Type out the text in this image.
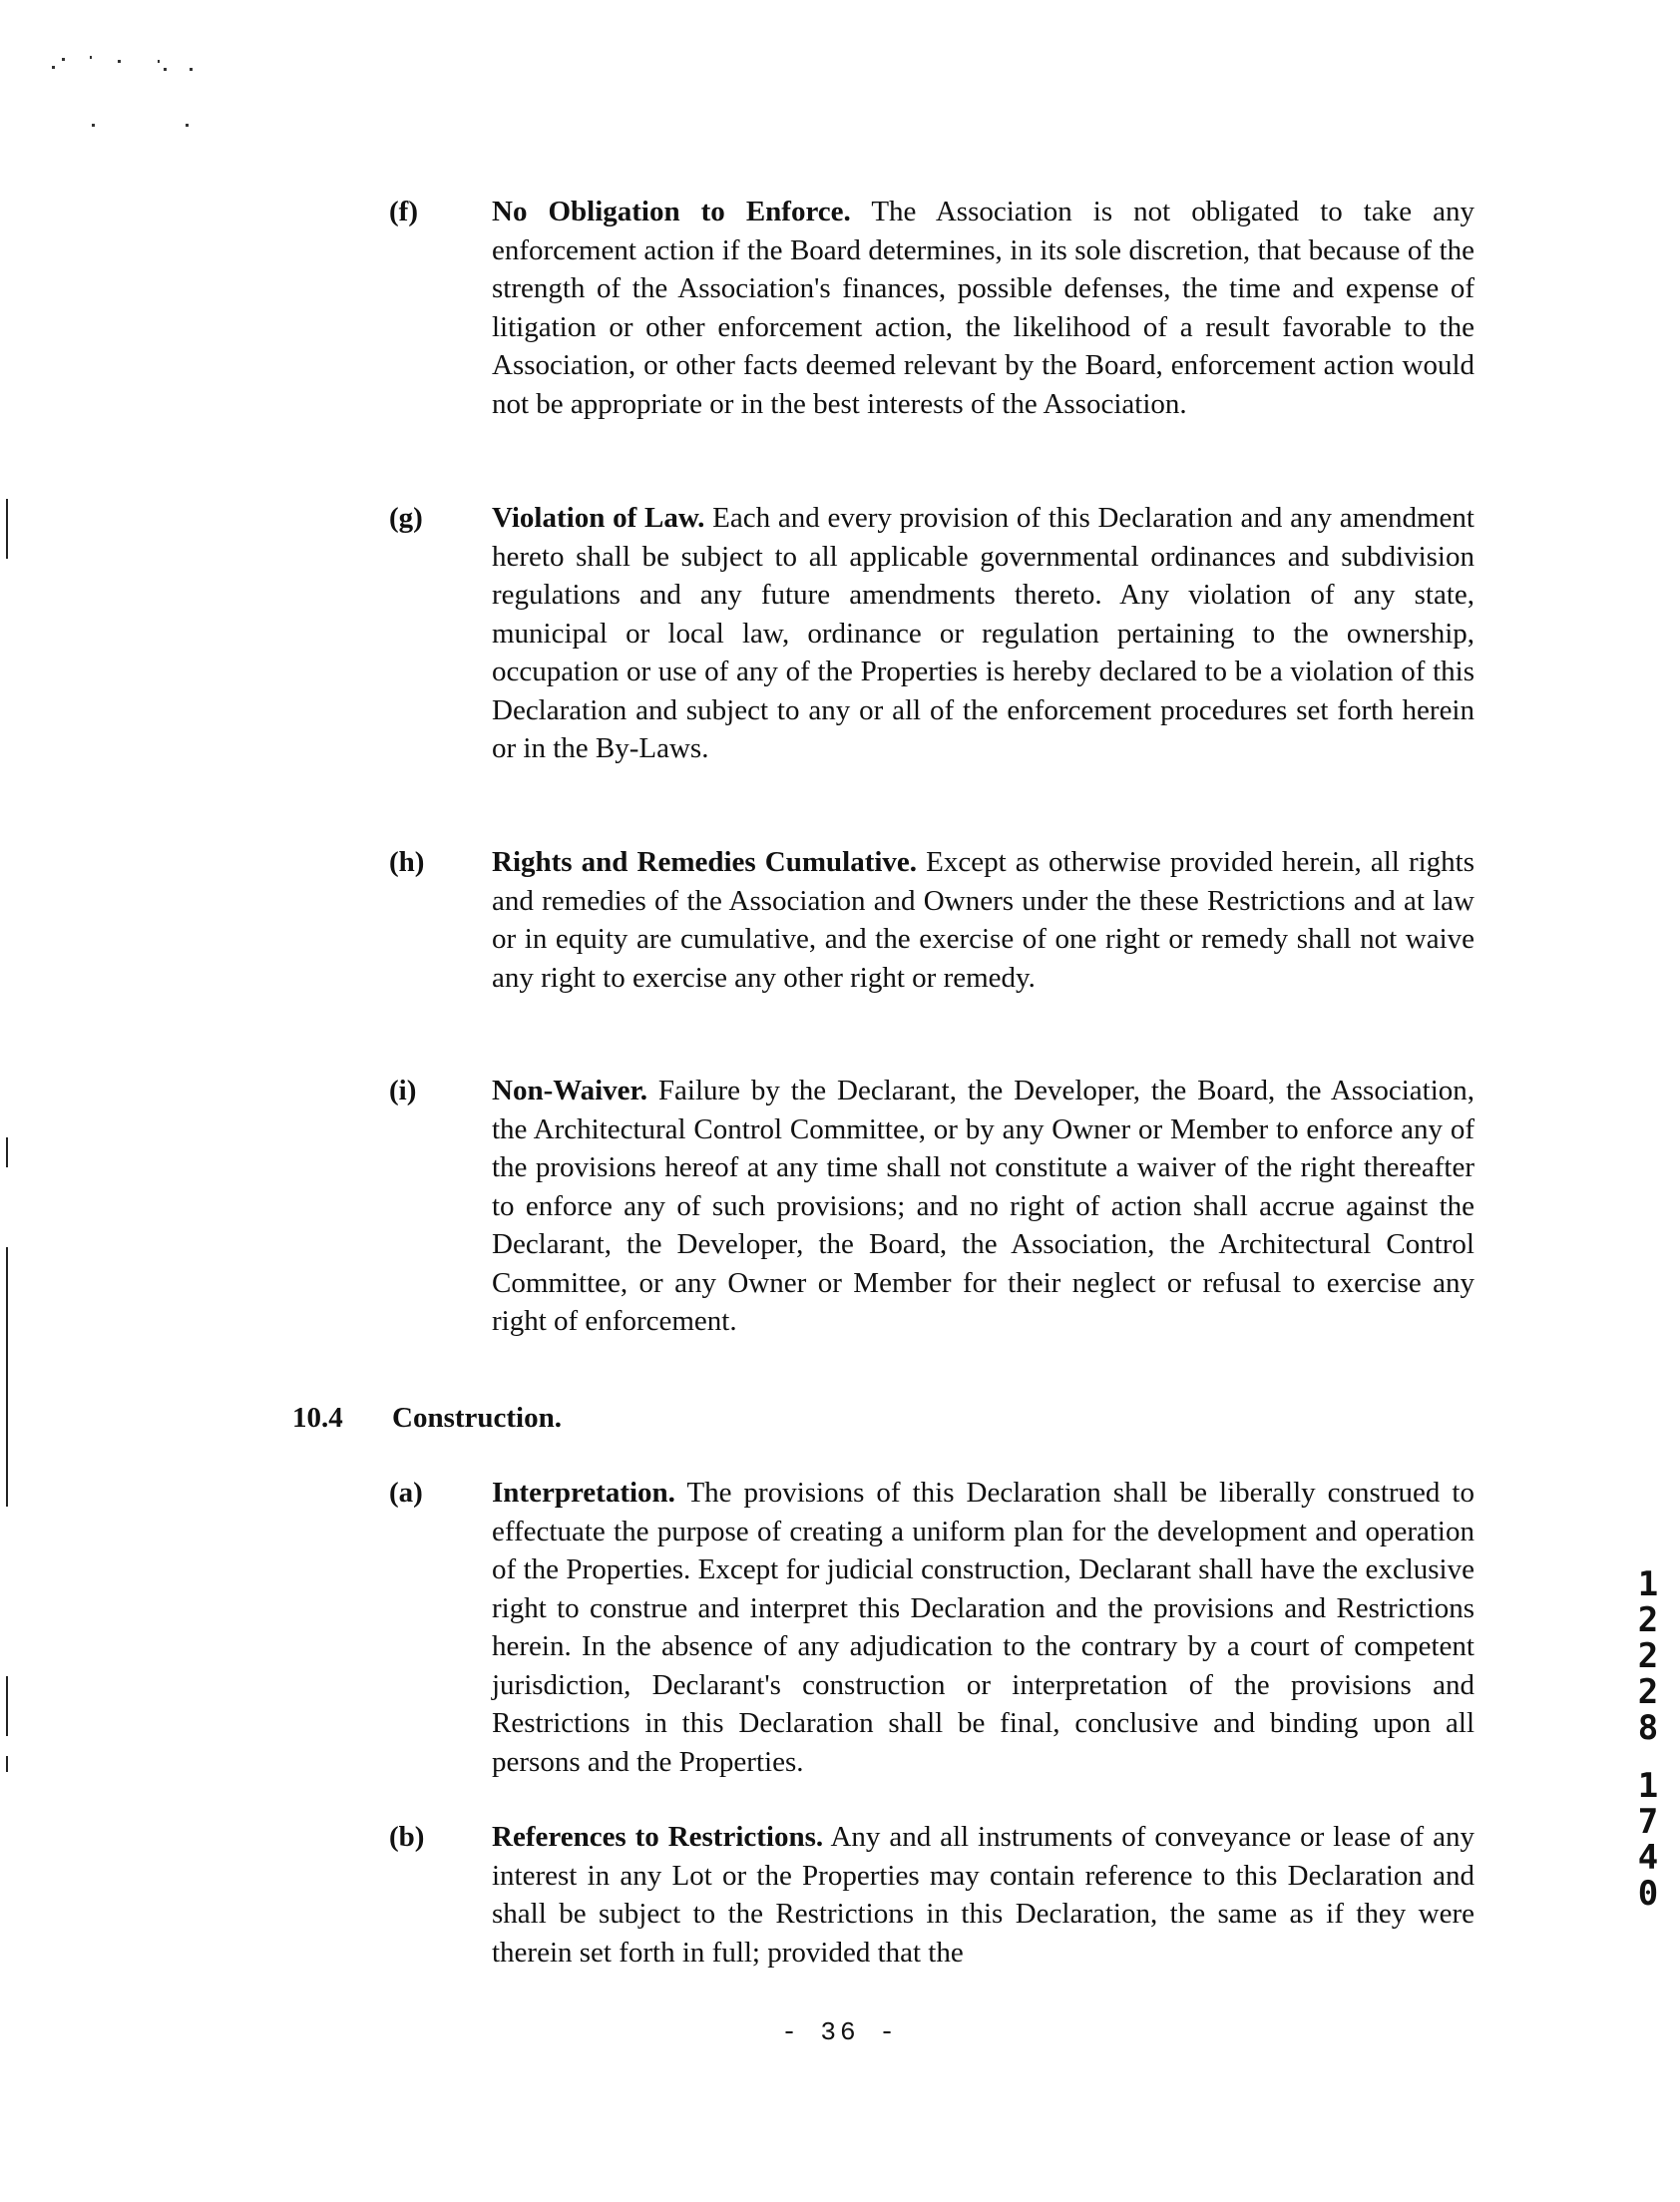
(f)	No Obligation to Enforce. The Association is not obligated to take any enforcement action if the Board determines, in its sole discretion, that because of the strength of the Association's finances, possible defenses, the time and expense of litigation or other enforcement action, the likelihood of a result favorable to the Association, or other facts deemed relevant by the Board, enforcement action would not be appropriate or in the best interests of the Association.
(g) Violation of Law. Each and every provision of this Declaration and any amendment hereto shall be subject to all applicable governmental ordinances and subdivision regulations and any future amendments thereto. Any violation of any state, municipal or local law, ordinance or regulation pertaining to the ownership, occupation or use of any of the Properties is hereby declared to be a violation of this Declaration and subject to any or all of the enforcement procedures set forth herein or in the By-Laws.
(h) Rights and Remedies Cumulative. Except as otherwise provided herein, all rights and remedies of the Association and Owners under the these Restrictions and at law or in equity are cumulative, and the exercise of one right or remedy shall not waive any right to exercise any other right or remedy.
(i)	Non-Waiver. Failure by the Declarant, the Developer, the Board, the Association, the Architectural Control Committee, or by any Owner or Member to enforce any of the provisions hereof at any time shall not constitute a waiver of the right thereafter to enforce any of such provisions; and no right of action shall accrue against the Declarant, the Developer, the Board, the Association, the Architectural Control Committee, or any Owner or Member for their neglect or refusal to exercise any right of enforcement.
10.4 Construction.
(a) Interpretation. The provisions of this Declaration shall be liberally construed to effectuate the purpose of creating a uniform plan for the development and operation of the Properties. Except for judicial construction, Declarant shall have the exclusive right to construe and interpret this Declaration and the provisions and Restrictions herein. In the absence of any adjudication to the contrary by a court of competent jurisdiction, Declarant's construction or interpretation of the provisions and Restrictions in this Declaration shall be final, conclusive and binding upon all persons and the Properties.
(b) References to Restrictions. Any and all instruments of conveyance or lease of any interest in any Lot or the Properties may contain reference to this Declaration and shall be subject to the Restrictions in this Declaration, the same as if they were therein set forth in full; provided that the
- 36 -
1
2
2
2
8
1
7
4
0
